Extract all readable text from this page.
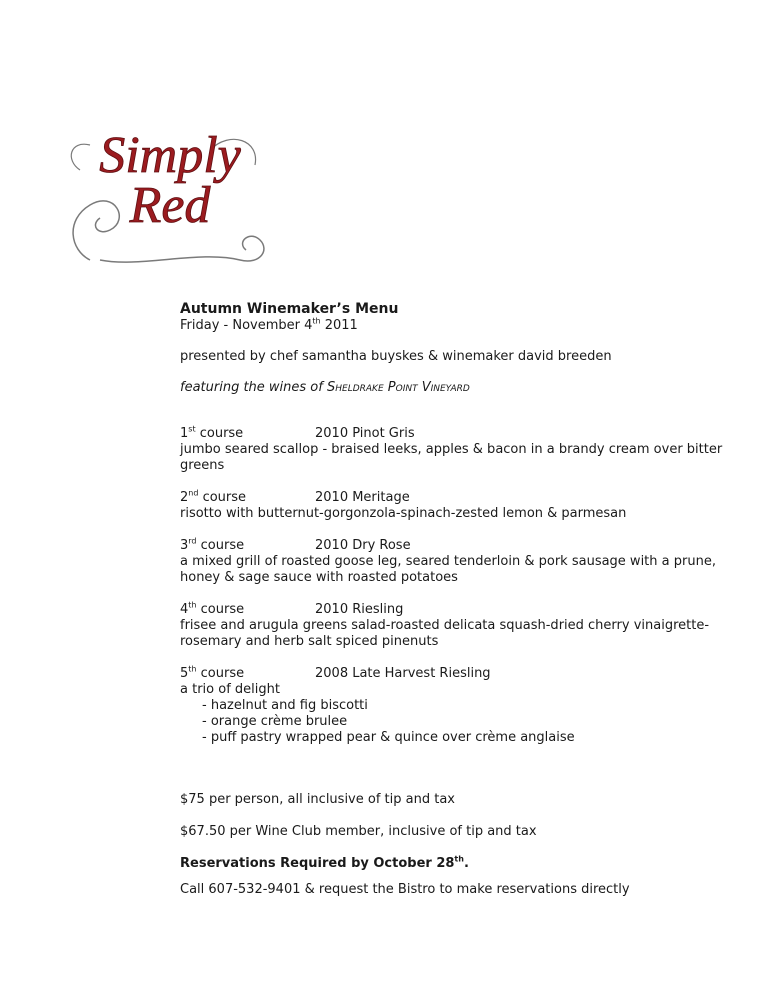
Simply
Red
Autumn Winemaker’s Menu
Friday - November 4th 2011
presented by chef samantha buyskes & winemaker david breeden
featuring the wines of Sheldrake Point Vineyard
1st course	2010 Pinot Gris
jumbo seared scallop - braised leeks, apples & bacon in a brandy cream over bitter greens
2nd course	2010 Meritage
risotto with butternut-gorgonzola-spinach-zested lemon & parmesan
3rd course	2010 Dry Rose
a mixed grill of roasted goose leg, seared tenderloin & pork sausage with a prune, honey & sage sauce with roasted potatoes
4th course	2010 Riesling
frisee and arugula greens salad-roasted delicata squash-dried cherry vinaigrette-rosemary and herb salt spiced pinenuts
5th course	2008 Late Harvest Riesling
a trio of delight
- hazelnut and fig biscotti
- orange crème brulee
- puff pastry wrapped pear & quince over crème anglaise
$75 per person, all inclusive of tip and tax
$67.50 per Wine Club member, inclusive of tip and tax
Reservations Required by October 28th.
Call 607-532-9401 & request the Bistro to make reservations directly
